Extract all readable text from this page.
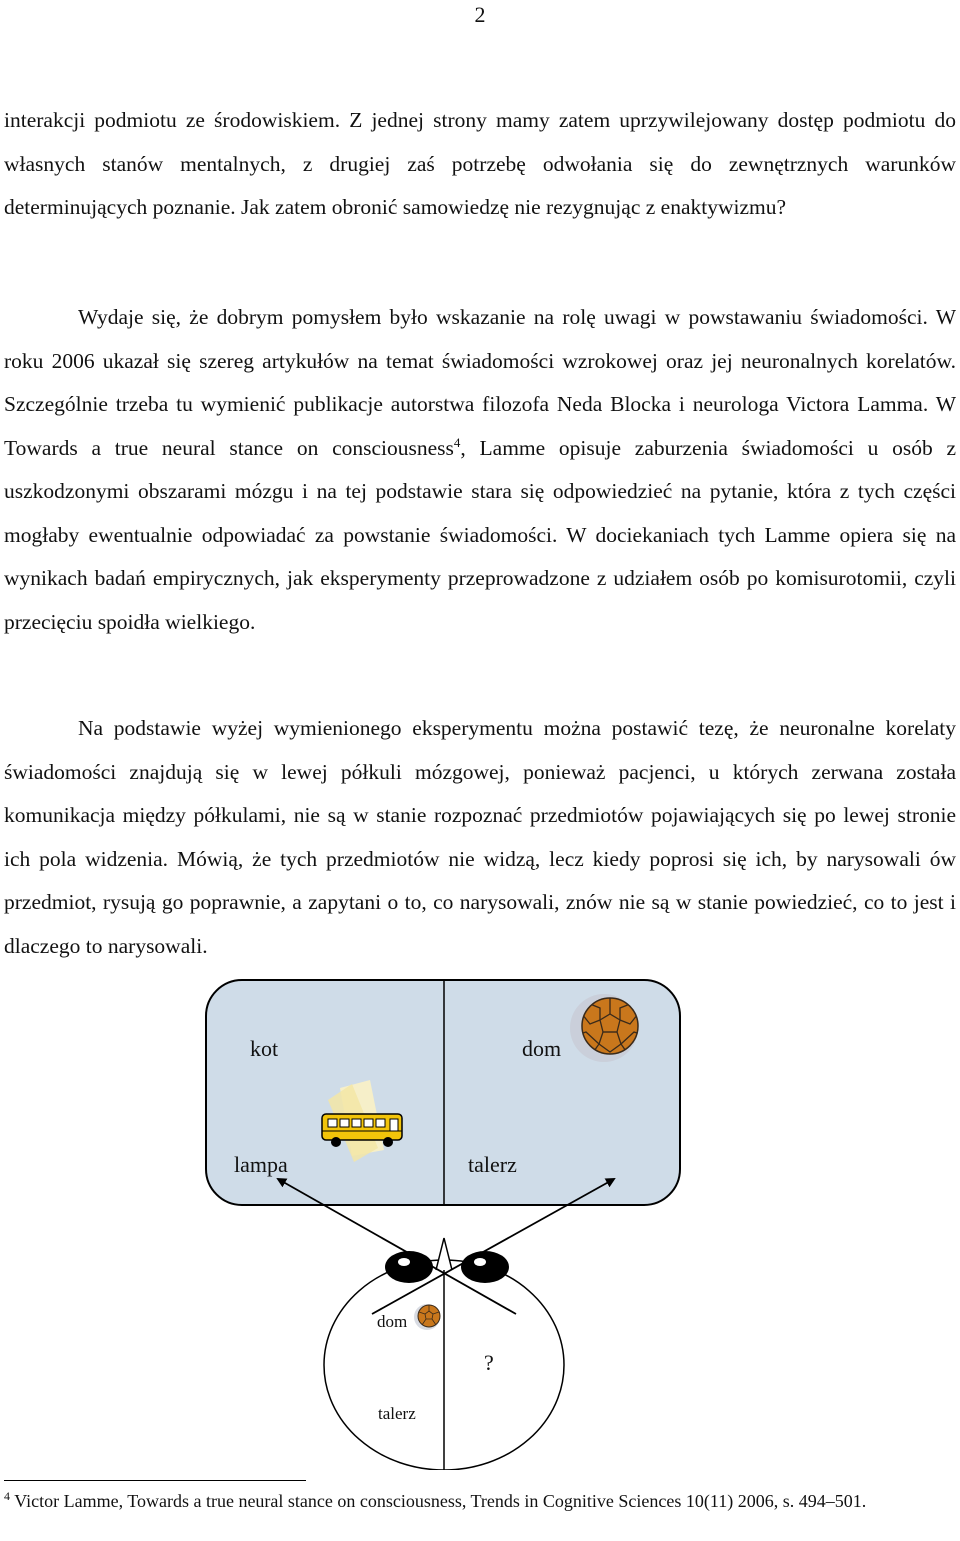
2

interakcji podmiotu ze środowiskiem. Z jednej strony mamy zatem uprzywilejowany dostęp podmiotu do własnych stanów mentalnych, z drugiej zaś potrzebę odwołania się do zewnętrznych warunków determinujących poznanie. Jak zatem obronić samowiedzę nie rezygnując z enaktywizmu?

Wydaje się, że dobrym pomysłem było wskazanie na rolę uwagi w powstawaniu świadomości. W roku 2006 ukazał się szereg artykułów na temat świadomości wzrokowej oraz jej neuronalnych korelatów. Szczególnie trzeba tu wymienić publikacje autorstwa filozofa Neda Blocka i neurologa Victora Lamma. W Towards a true neural stance on consciousness$^4$, Lamme opisuje zaburzenia świadomości u osób z uszkodzonymi obszarami mózgu i na tej podstawie stara się odpowiedzieć na pytanie, która z tych części mogłaby ewentualnie odpowiadać za powstanie świadomości. W dociekaniach tych Lamme opiera się na wynikach badań empirycznych, jak eksperymenty przeprowadzone z udziałem osób po komisurotomii, czyli przecięciu spoidła wielkiego.

Na podstawie wyżej wymienionego eksperymentu można postawić tezę, że neuronalne korelaty świadomości znajdują się w lewej półkuli mózgowej, ponieważ pacjenci, u których zerwana została komunikacja między półkulami, nie są w stanie rozpoznać przedmiotów pojawiających się po lewej stronie ich pola widzenia. Mówią, że tych przedmiotów nie widzą, lecz kiedy poprosi się ich, by narysowali ów przedmiot, rysują go poprawnie, a zapytani o to, co narysowali, znów nie są w stanie powiedzieć, co to jest i dlaczego to narysowali.

kot	dom
lampa	talerz
dom
talerz
?

$^4$ Victor Lamme, Towards a true neural stance on consciousness, Trends in Cognitive Sciences 10(11) 2006, s. 494–501.
